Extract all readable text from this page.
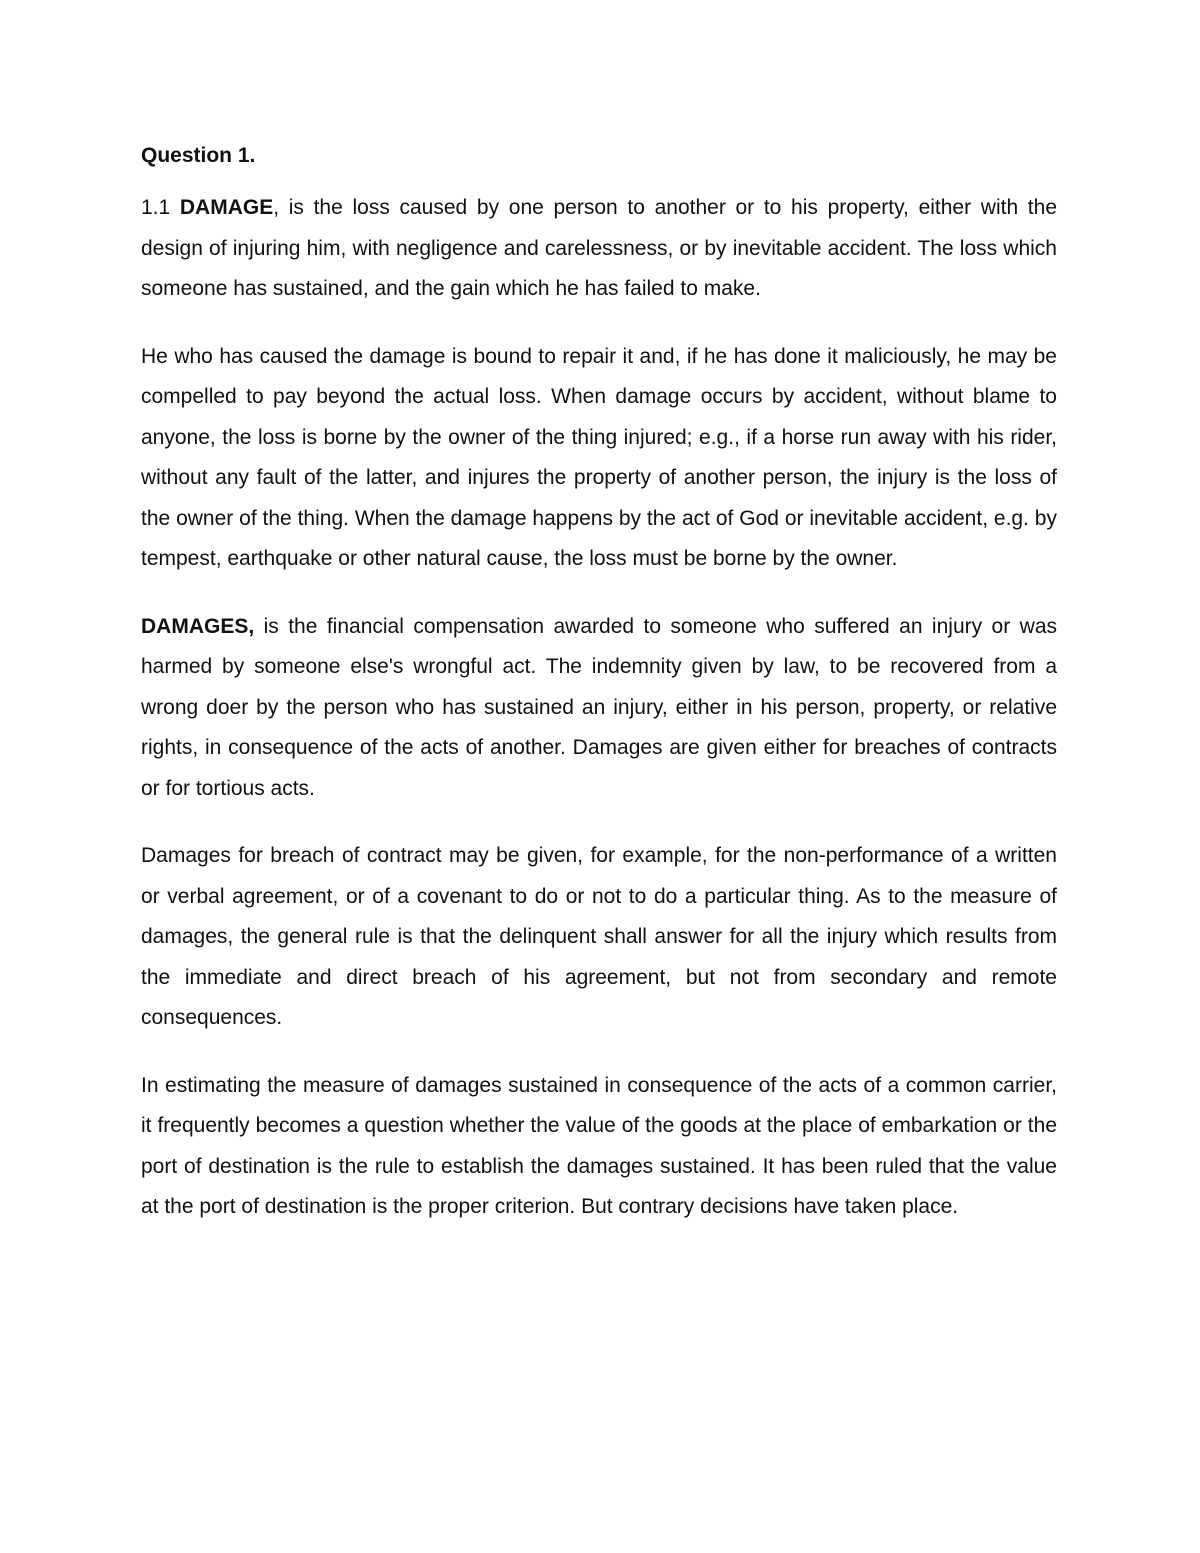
Question 1.

1.1 DAMAGE, is the loss caused by one person to another or to his property, either with the design of injuring him, with negligence and carelessness, or by inevitable accident. The loss which someone has sustained, and the gain which he has failed to make.

He who has caused the damage is bound to repair it and, if he has done it maliciously, he may be compelled to pay beyond the actual loss. When damage occurs by accident, without blame to anyone, the loss is borne by the owner of the thing injured; e.g., if a horse run away with his rider, without any fault of the latter, and injures the property of another person, the injury is the loss of the owner of the thing. When the damage happens by the act of God or inevitable accident, e.g. by tempest, earthquake or other natural cause, the loss must be borne by the owner.

DAMAGES, is the financial compensation awarded to someone who suffered an injury or was harmed by someone else's wrongful act. The indemnity given by law, to be recovered from a wrong doer by the person who has sustained an injury, either in his person, property, or relative rights, in consequence of the acts of another. Damages are given either for breaches of contracts or for tortious acts.

Damages for breach of contract may be given, for example, for the non-performance of a written or verbal agreement, or of a covenant to do or not to do a particular thing. As to the measure of damages, the general rule is that the delinquent shall answer for all the injury which results from the immediate and direct breach of his agreement, but not from secondary and remote consequences.

In estimating the measure of damages sustained in consequence of the acts of a common carrier, it frequently becomes a question whether the value of the goods at the place of embarkation or the port of destination is the rule to establish the damages sustained. It has been ruled that the value at the port of destination is the proper criterion. But contrary decisions have taken place.
